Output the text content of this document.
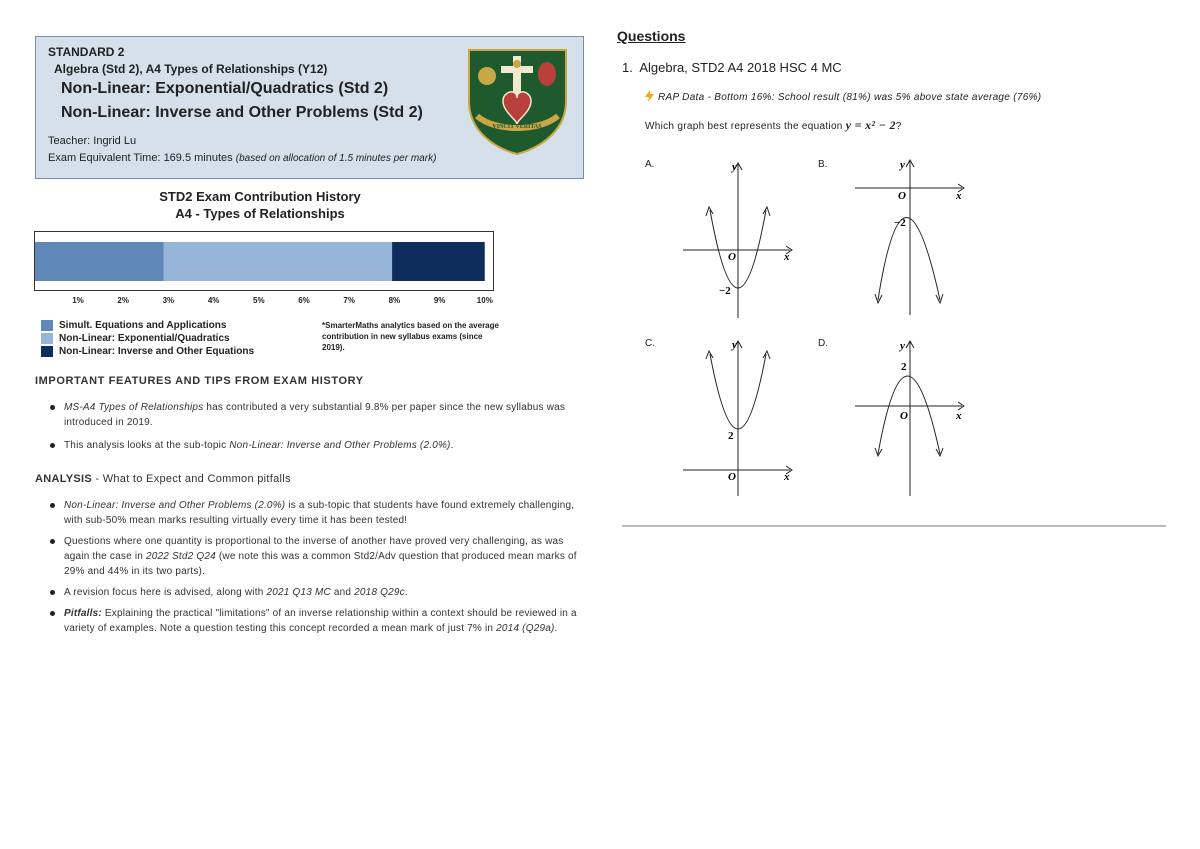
STANDARD 2
Algebra (Std 2), A4 Types of Relationships (Y12)
Non-Linear: Exponential/Quadratics (Std 2)
Non-Linear: Inverse and Other Problems (Std 2)
Teacher: Ingrid Lu
Exam Equivalent Time: 169.5 minutes (based on allocation of 1.5 minutes per mark)
VINCIT VERITAS
STD2 Exam Contribution History
A4 - Types of Relationships
1%	2%	3%	4%	5%	6%	7%	8%	9%	10%
Simult. Equations and Applications
Non-Linear: Exponential/Quadratics
Non-Linear: Inverse and Other Equations
*SmarterMaths analytics based on the average contribution in new syllabus exams (since 2019).
IMPORTANT FEATURES AND TIPS FROM EXAM HISTORY
MS-A4 Types of Relationships has contributed a very substantial 9.8% per paper since the new syllabus was introduced in 2019.
This analysis looks at the sub-topic Non-Linear: Inverse and Other Problems (2.0%).
ANALYSIS - What to Expect and Common pitfalls
Non-Linear: Inverse and Other Problems (2.0%) is a sub-topic that students have found extremely challenging, with sub-50% mean marks resulting virtually every time it has been tested!
Questions where one quantity is proportional to the inverse of another have proved very challenging, as was again the case in 2022 Std2 Q24 (we note this was a common Std2/Adv question that produced mean marks of 29% and 44% in its two parts).
A revision focus here is advised, along with 2021 Q13 MC and 2018 Q29c.
Pitfalls: Explaining the practical "limitations" of an inverse relationship within a context should be reviewed in a variety of examples. Note a question testing this concept recorded a mean mark of just 7% in 2014 (Q29a).
Questions
1. Algebra, STD2 A4 2018 HSC 4 MC
RAP Data - Bottom 16%: School result (81%) was 5% above state average (76%)
Which graph best represents the equation y = x² − 2?
A.	y
x
O
−2
B.	y
x
O
−2
C.	y
x
O
2
D.	y
x
O
2
